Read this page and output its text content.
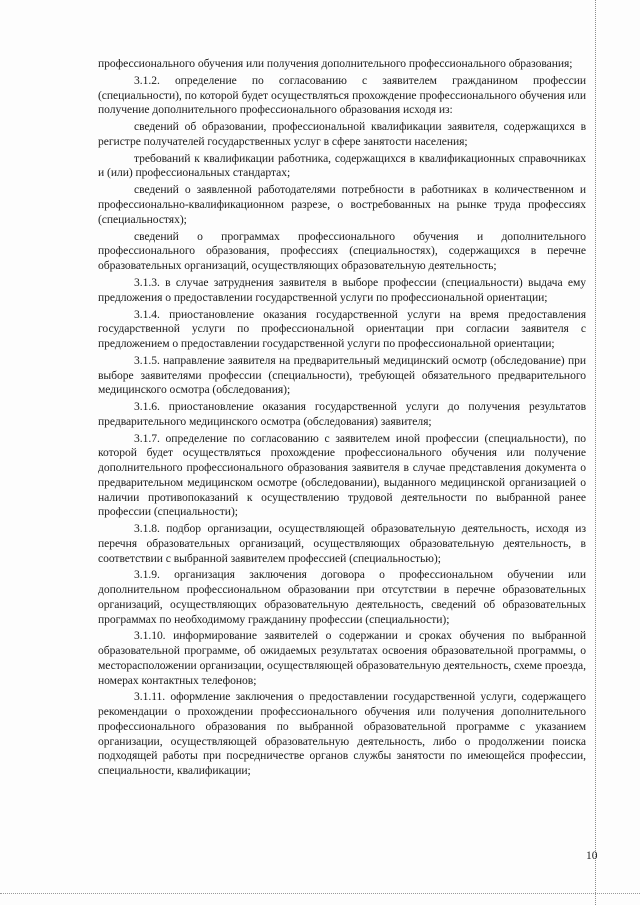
профессионального обучения или получения дополнительного профессионального образования;

3.1.2. определение по согласованию с заявителем гражданином профессии (специальности), по которой будет осуществляться прохождение профессионального обучения или получение дополнительного профессионального образования исходя из:

сведений об образовании, профессиональной квалификации заявителя, содержащихся в регистре получателей государственных услуг в сфере занятости населения;

требований к квалификации работника, содержащихся в квалификационных справочниках и (или) профессиональных стандартах;

сведений о заявленной работодателями потребности в работниках в количественном и профессионально-квалификационном разрезе, о востребованных на рынке труда профессиях (специальностях);

сведений о программах профессионального обучения и дополнительного профессионального образования, профессиях (специальностях), содержащихся в перечне образовательных организаций, осуществляющих образовательную деятельность;

3.1.3. в случае затруднения заявителя в выборе профессии (специальности) выдача ему предложения о предоставлении государственной услуги по профессиональной ориентации;

3.1.4. приостановление оказания государственной услуги на время предоставления государственной услуги по профессиональной ориентации при согласии заявителя с предложением о предоставлении государственной услуги по профессиональной ориентации;

3.1.5. направление заявителя на предварительный медицинский осмотр (обследование) при выборе заявителями профессии (специальности), требующей обязательного предварительного медицинского осмотра (обследования);

3.1.6. приостановление оказания государственной услуги до получения результатов предварительного медицинского осмотра (обследования) заявителя;

3.1.7. определение по согласованию с заявителем иной профессии (специальности), по которой будет осуществляться прохождение профессионального обучения или получение дополнительного профессионального образования заявителя в случае представления документа о предварительном медицинском осмотре (обследовании), выданного медицинской организацией о наличии противопоказаний к осуществлению трудовой деятельности по выбранной ранее профессии (специальности);

3.1.8. подбор организации, осуществляющей образовательную деятельность, исходя из перечня образовательных организаций, осуществляющих образовательную деятельность, в соответствии с выбранной заявителем профессией (специальностью);

3.1.9. организация заключения договора о профессиональном обучении или дополнительном профессиональном образовании при отсутствии в перечне образовательных организаций, осуществляющих образовательную деятельность, сведений об образовательных программах по необходимому гражданину профессии (специальности);

3.1.10. информирование заявителей о содержании и сроках обучения по выбранной образовательной программе, об ожидаемых результатах освоения образовательной программы, о месторасположении организации, осуществляющей образовательную деятельность, схеме проезда, номерах контактных телефонов;

3.1.11. оформление заключения о предоставлении государственной услуги, содержащего рекомендации о прохождении профессионального обучения или получения дополнительного профессионального образования по выбранной образовательной программе с указанием организации, осуществляющей образовательную деятельность, либо о продолжении поиска подходящей работы при посредничестве органов службы занятости по имеющейся профессии, специальности, квалификации;

10
